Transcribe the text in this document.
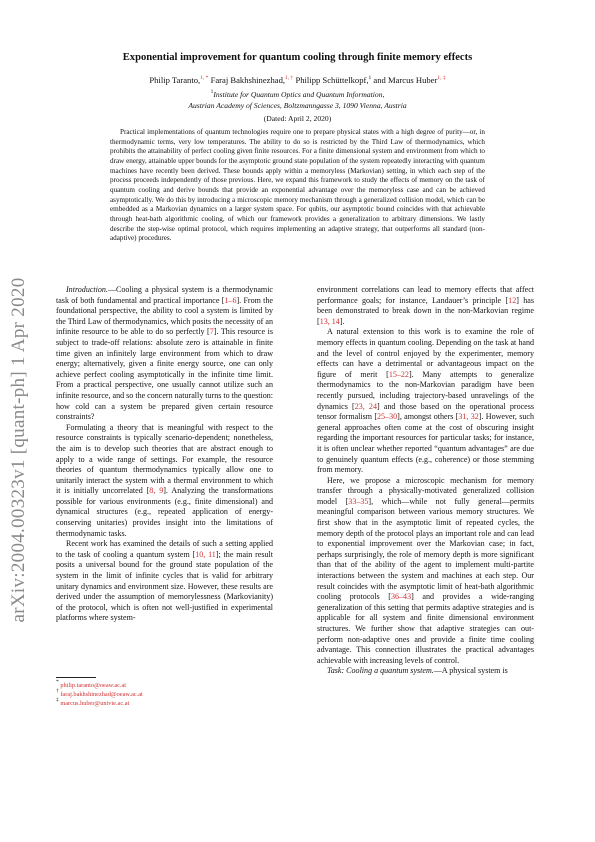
arXiv:2004.00323v1 [quant-ph] 1 Apr 2020
Exponential improvement for quantum cooling through finite memory effects
Philip Taranto,$^{1, *}$ Faraj Bakhshinezhad,$^{1, \dagger}$ Philipp Schüttelkopf,$^1$ and Marcus Huber$^{1, \ddagger}$
$^1$Institute for Quantum Optics and Quantum Information,
Austrian Academy of Sciences, Boltzmanngasse 3, 1090 Vienna, Austria
(Dated: April 2, 2020)

Practical implementations of quantum technologies require one to prepare physical states with a high degree of purity—or, in thermodynamic terms, very low temperatures. The ability to do so is restricted by the Third Law of thermodynamics, which prohibits the attainability of perfect cooling given finite resources. For a finite dimensional system and environment from which to draw energy, attainable upper bounds for the asymptotic ground state population of the system repeatedly interacting with quantum machines have recently been derived. These bounds apply within a memoryless (Markovian) setting, in which each step of the process proceeds independently of those previous. Here, we expand this framework to study the effects of memory on the task of quantum cooling and derive bounds that provide an exponential advantage over the memoryless case and can be achieved asymptotically. We do this by introducing a microscopic memory mechanism through a generalized collision model, which can be embedded as a Markovian dynamics on a larger system space. For qubits, our asymptotic bound coincides with that achievable through heat-bath algorithmic cooling, of which our framework provides a generalization to arbitrary dimensions. We lastly describe the step-wise optimal protocol, which requires implementing an adaptive strategy, that outperforms all standard (non-adaptive) procedures.

Introduction.—Cooling a physical system is a thermodynamic task of both fundamental and practical importance [1–6]. From the foundational perspective, the ability to cool a system is limited by the Third Law of thermodynamics, which posits the necessity of an infinite resource to be able to do so perfectly [7]. This resource is subject to trade-off relations: absolute zero is attainable in finite time given an infinitely large environment from which to draw energy; alternatively, given a finite energy source, one can only achieve perfect cooling asymptotically in the infinite time limit. From a practical perspective, one usually cannot utilize such an infinite resource, and so the concern naturally turns to the question: how cold can a system be prepared given certain resource constraints?

Formulating a theory that is meaningful with respect to the resource constraints is typically scenario-dependent; nonetheless, the aim is to develop such theories that are abstract enough to apply to a wide range of settings. For example, the resource theories of quantum thermodynamics typically allow one to unitarily interact the system with a thermal environment to which it is initially uncorrelated [8, 9]. Analyzing the transformations possible for various environments (e.g., finite dimensional) and dynamical structures (e.g., repeated application of energy-conserving unitaries) provides insight into the limitations of thermodynamic tasks.

Recent work has examined the details of such a setting applied to the task of cooling a quantum system [10, 11]; the main result posits a universal bound for the ground state population of the system in the limit of infinite cycles that is valid for arbitrary unitary dynamics and environment size. However, these results are derived under the assumption of memorylessness (Markovianity) of the protocol, which is often not well-justified in experimental platforms where system-

* philip.taranto@oeaw.ac.at
† faraj.bakhshinezhad@oeaw.ac.at
‡ marcus.huber@univie.ac.at

environment correlations can lead to memory effects that affect performance goals; for instance, Landauer’s principle [12] has been demonstrated to break down in the non-Markovian regime [13, 14].

A natural extension to this work is to examine the role of memory effects in quantum cooling. Depending on the task at hand and the level of control enjoyed by the experimenter, memory effects can have a detrimental or advantageous impact on the figure of merit [15–22]. Many attempts to generalize thermodynamics to the non-Markovian paradigm have been recently pursued, including trajectory-based unravelings of the dynamics [23, 24] and those based on the operational process tensor formalism [25–30], amongst others [31, 32]. However, such general approaches often come at the cost of obscuring insight regarding the important resources for particular tasks; for instance, it is often unclear whether reported “quantum advantages” are due to genuinely quantum effects (e.g., coherence) or those stemming from memory.

Here, we propose a microscopic mechanism for memory transfer through a physically-motivated generalized collision model [33–35], which—while not fully general—permits meaningful comparison between various memory structures. We first show that in the asymptotic limit of repeated cycles, the memory depth of the protocol plays an important role and can lead to exponential improvement over the Markovian case; in fact, perhaps surprisingly, the role of memory depth is more significant than that of the ability of the agent to implement multi-partite interactions between the system and machines at each step. Our result coincides with the asymptotic limit of heat-bath algorithmic cooling protocols [36–43] and provides a wide-ranging generalization of this setting that permits adaptive strategies and is applicable for all system and finite dimensional environment structures. We further show that adaptive strategies can out-perform non-adaptive ones and provide a finite time cooling advantage. This connection illustrates the practical advantages achievable with increasing levels of control.

Task: Cooling a quantum system.—A physical system is
